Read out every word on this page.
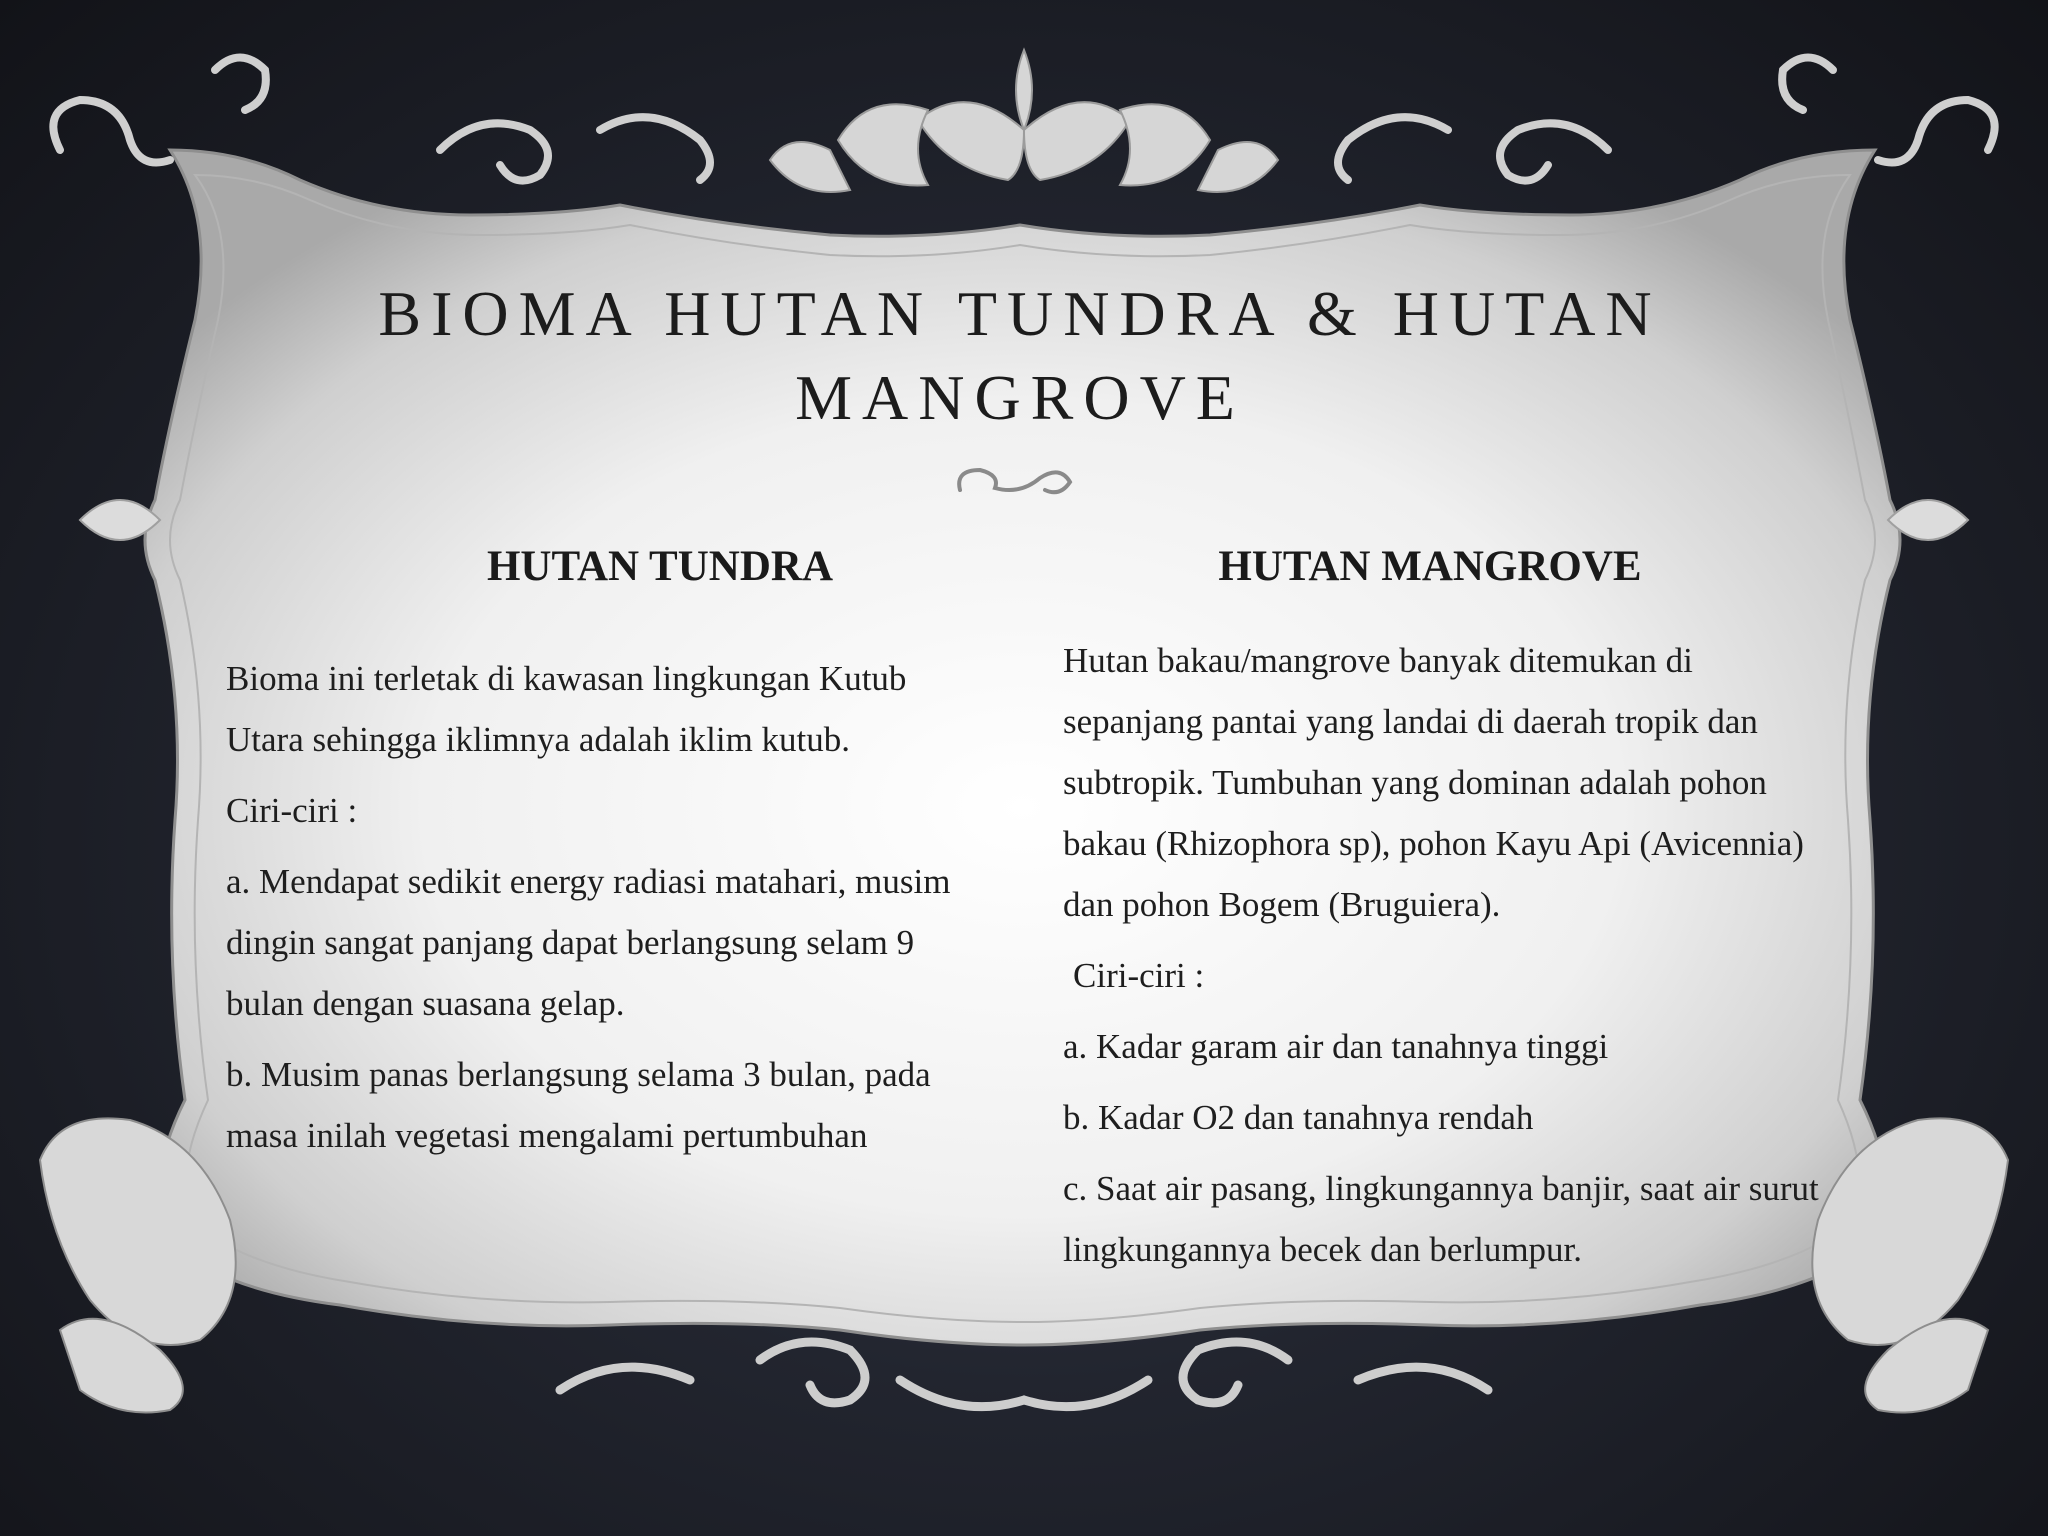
BIOMA HUTAN TUNDRA & HUTAN
MANGROVE
HUTAN TUNDRA	HUTAN MANGROVE

Bioma ini terletak di kawasan lingkungan Kutub Utara sehingga iklimnya adalah iklim kutub.

Ciri-ciri :

a. Mendapat sedikit energy radiasi matahari, musim dingin sangat panjang dapat berlangsung selam 9 bulan dengan suasana gelap.

b. Musim panas berlangsung selama 3 bulan, pada masa inilah vegetasi mengalami pertumbuhan

Hutan bakau/mangrove banyak ditemukan di sepanjang pantai yang landai di daerah tropik dan subtropik. Tumbuhan yang dominan adalah pohon bakau (Rhizophora sp), pohon Kayu Api (Avicennia) dan pohon Bogem (Bruguiera).

Ciri-ciri :

a. Kadar garam air dan tanahnya tinggi

b. Kadar O2 dan tanahnya rendah

c. Saat air pasang, lingkungannya banjir, saat air surut lingkungannya becek dan berlumpur.
